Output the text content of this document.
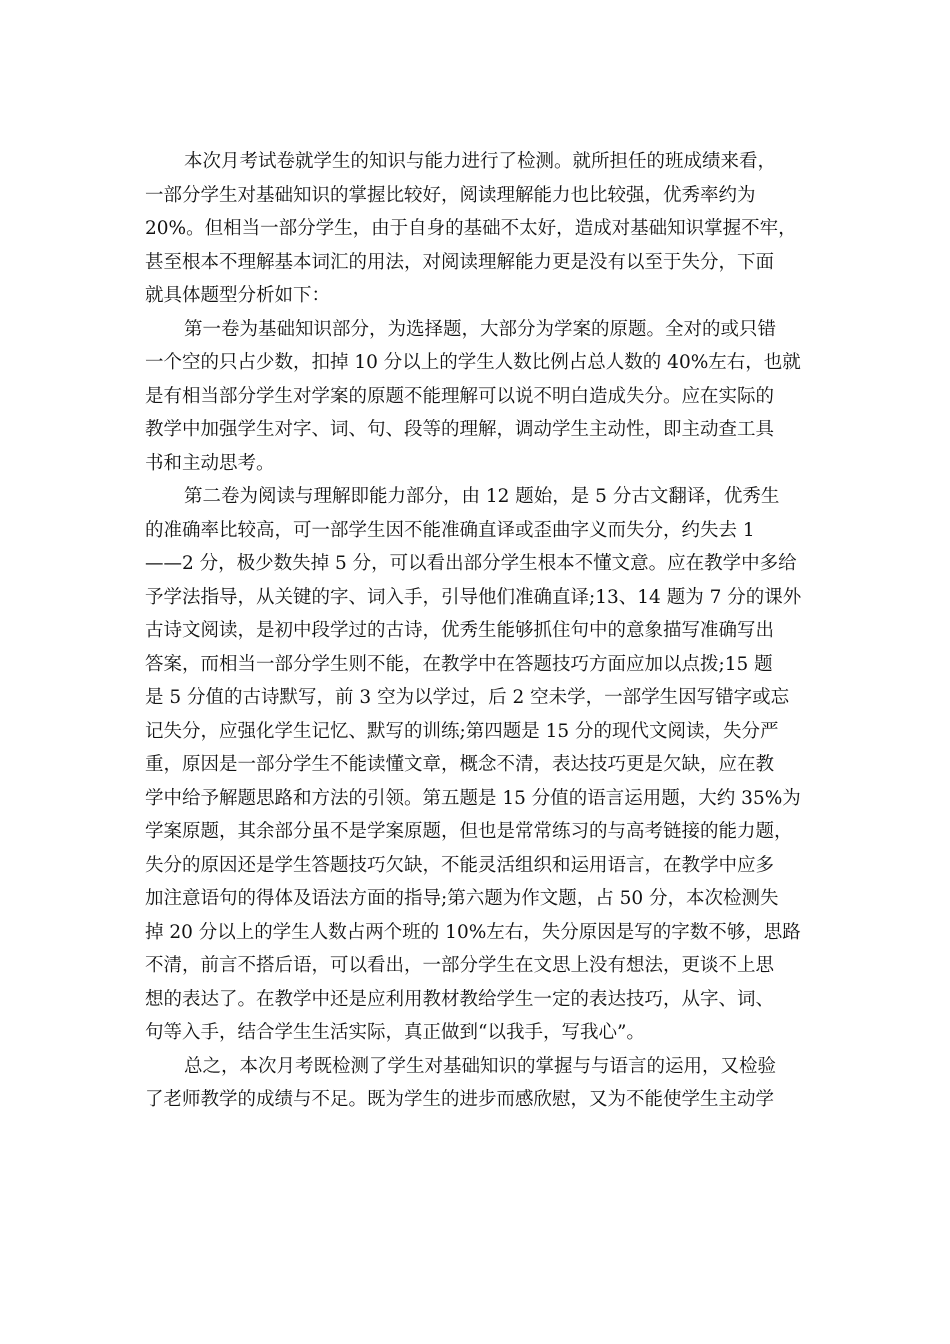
本次月考试卷就学生的知识与能力进行了检测。就所担任的班成绩来看，
一部分学生对基础知识的掌握比较好，阅读理解能力也比较强，优秀率约为
20%。但相当一部分学生，由于自身的基础不太好，造成对基础知识掌握不牢，
甚至根本不理解基本词汇的用法，对阅读理解能力更是没有以至于失分，下面
就具体题型分析如下：
第一卷为基础知识部分，为选择题，大部分为学案的原题。全对的或只错
一个空的只占少数，扣掉 10 分以上的学生人数比例占总人数的 40%左右，也就
是有相当部分学生对学案的原题不能理解可以说不明白造成失分。应在实际的
教学中加强学生对字、词、句、段等的理解，调动学生主动性，即主动查工具
书和主动思考。
第二卷为阅读与理解即能力部分，由 12 题始，是 5 分古文翻译，优秀生
的准确率比较高，可一部学生因不能准确直译或歪曲字义而失分，约失去 1
——2 分，极少数失掉 5 分，可以看出部分学生根本不懂文意。应在教学中多给
予学法指导，从关键的字、词入手，引导他们准确直译;13、14 题为 7 分的课外
古诗文阅读，是初中段学过的古诗，优秀生能够抓住句中的意象描写准确写出
答案，而相当一部分学生则不能，在教学中在答题技巧方面应加以点拨;15 题
是 5 分值的古诗默写，前 3 空为以学过，后 2 空未学，一部学生因写错字或忘
记失分，应强化学生记忆、默写的训练;第四题是 15 分的现代文阅读，失分严
重，原因是一部分学生不能读懂文章，概念不清，表达技巧更是欠缺，应在教
学中给予解题思路和方法的引领。第五题是 15 分值的语言运用题，大约 35%为
学案原题，其余部分虽不是学案原题，但也是常常练习的与高考链接的能力题，
失分的原因还是学生答题技巧欠缺，不能灵活组织和运用语言，在教学中应多
加注意语句的得体及语法方面的指导;第六题为作文题，占 50 分，本次检测失
掉 20 分以上的学生人数占两个班的 10%左右，失分原因是写的字数不够，思路
不清，前言不搭后语，可以看出，一部分学生在文思上没有想法，更谈不上思
想的表达了。在教学中还是应利用教材教给学生一定的表达技巧，从字、词、
句等入手，结合学生生活实际，真正做到“以我手，写我心”。
总之，本次月考既检测了学生对基础知识的掌握与与语言的运用，又检验
了老师教学的成绩与不足。既为学生的进步而感欣慰，又为不能使学生主动学
